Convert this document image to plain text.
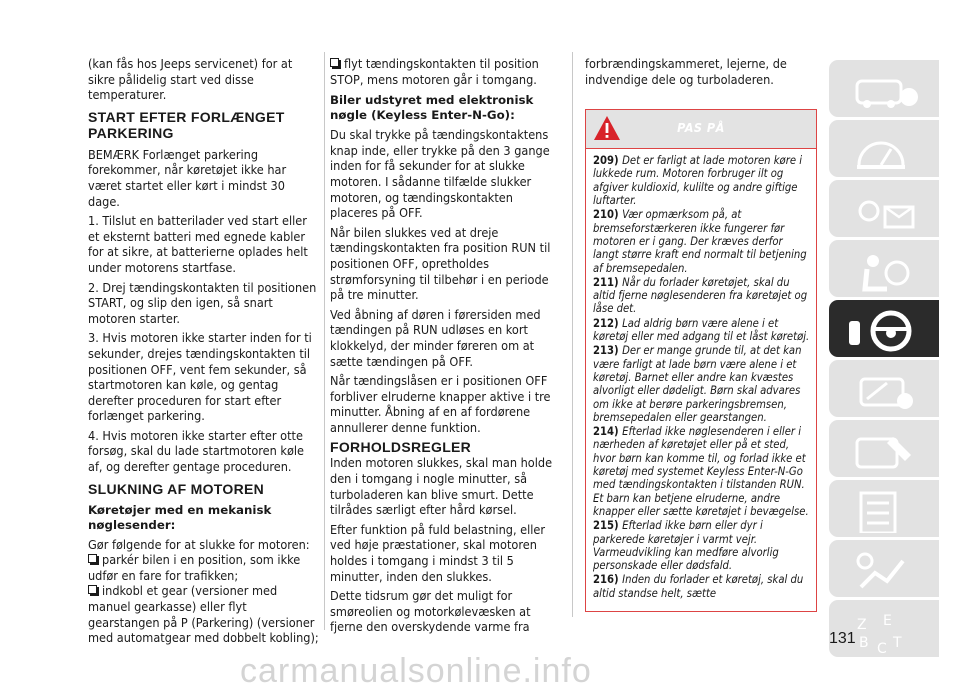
(kan fås hos Jeeps servicenet) for at sikre pålidelig start ved disse temperaturer.

START EFTER FORLÆNGET PARKERING

BEMÆRK Forlænget parkering forekommer, når køretøjet ikke har været startet eller kørt i mindst 30 dage.

1. Tilslut en batterilader ved start eller et eksternt batteri med egnede kabler for at sikre, at batterierne oplades helt under motorens startfase.

2. Drej tændingskontakten til positionen START, og slip den igen, så snart motoren starter.

3. Hvis motoren ikke starter inden for ti sekunder, drejes tændingskontakten til positionen OFF, vent fem sekunder, så startmotoren kan køle, og gentag derefter proceduren for start efter forlænget parkering.

4. Hvis motoren ikke starter efter otte forsøg, skal du lade startmotoren køle af, og derefter gentage proceduren.

SLUKNING AF MOTOREN
Køretøjer med en mekanisk nøglesender:

Gør følgende for at slukke for motoren:

parkér bilen i en position, som ikke udfør en fare for trafikken;

indkobl et gear (versioner med manuel gearkasse) eller flyt gearstangen på P (Parkering) (versioner med automatgear med dobbelt kobling);

flyt tændingskontakten til position STOP, mens motoren går i tomgang.

Biler udstyret med elektronisk nøgle (Keyless Enter-N-Go):

Du skal trykke på tændingskontaktens knap inde, eller trykke på den 3 gange inden for få sekunder for at slukke motoren. I sådanne tilfælde slukker motoren, og tændingskontakten placeres på OFF.

Når bilen slukkes ved at dreje tændingskontakten fra position RUN til positionen OFF, opretholdes strømforsyning til tilbehør i en periode på tre minutter.

Ved åbning af døren i førersiden med tændingen på RUN udløses en kort klokkelyd, der minder føreren om at sætte tændingen på OFF.

Når tændingslåsen er i positionen OFF forbliver elruderne knapper aktive i tre minutter. Åbning af en af fordørene annullerer denne funktion.

FORHOLDSREGLER

Inden motoren slukkes, skal man holde den i tomgang i nogle minutter, så turboladeren kan blive smurt. Dette tilrådes særligt efter hård kørsel.

Efter funktion på fuld belastning, eller ved høje præstationer, skal motoren holdes i tomgang i mindst 3 til 5 minutter, inden den slukkes.

Dette tidsrum gør det muligt for smøreolien og motorkølevæsken at fjerne den overskydende varme fra

forbrændingskammeret, lejerne, de indvendige dele og turboladeren.

PAS PÅ

209) Det er farligt at lade motoren køre i lukkede rum. Motoren forbruger ilt og afgiver kuldioxid, kulilte og andre giftige luftarter.

210) Vær opmærksom på, at bremseforstærkeren ikke fungerer før motoren er i gang. Der kræves derfor langt større kraft end normalt til betjening af bremsepedalen.

211) Når du forlader køretøjet, skal du altid fjerne nøglesenderen fra køretøjet og låse det.

212) Lad aldrig børn være alene i et køretøj eller med adgang til et låst køretøj.

213) Der er mange grunde til, at det kan være farligt at lade børn være alene i et køretøj. Barnet eller andre kan kvæstes alvorligt eller dødeligt. Børn skal advares om ikke at berøre parkeringsbremsen, bremsepedalen eller gearstangen.

214) Efterlad ikke nøglesenderen i eller i nærheden af køretøjet eller på et sted, hvor børn kan komme til, og forlad ikke et køretøj med systemet Keyless Enter-N-Go med tændingskontakten i tilstanden RUN. Et barn kan betjene elruderne, andre knapper eller sætte køretøjet i bevægelse.

215) Efterlad ikke børn eller dyr i parkerede køretøjer i varmt vejr. Varmeudvikling kan medføre alvorlig personskade eller dødsfald.

216) Inden du forlader et køretøj, skal du altid standse helt, sætte

Z E
B C T
131
carmanualsonline.info
